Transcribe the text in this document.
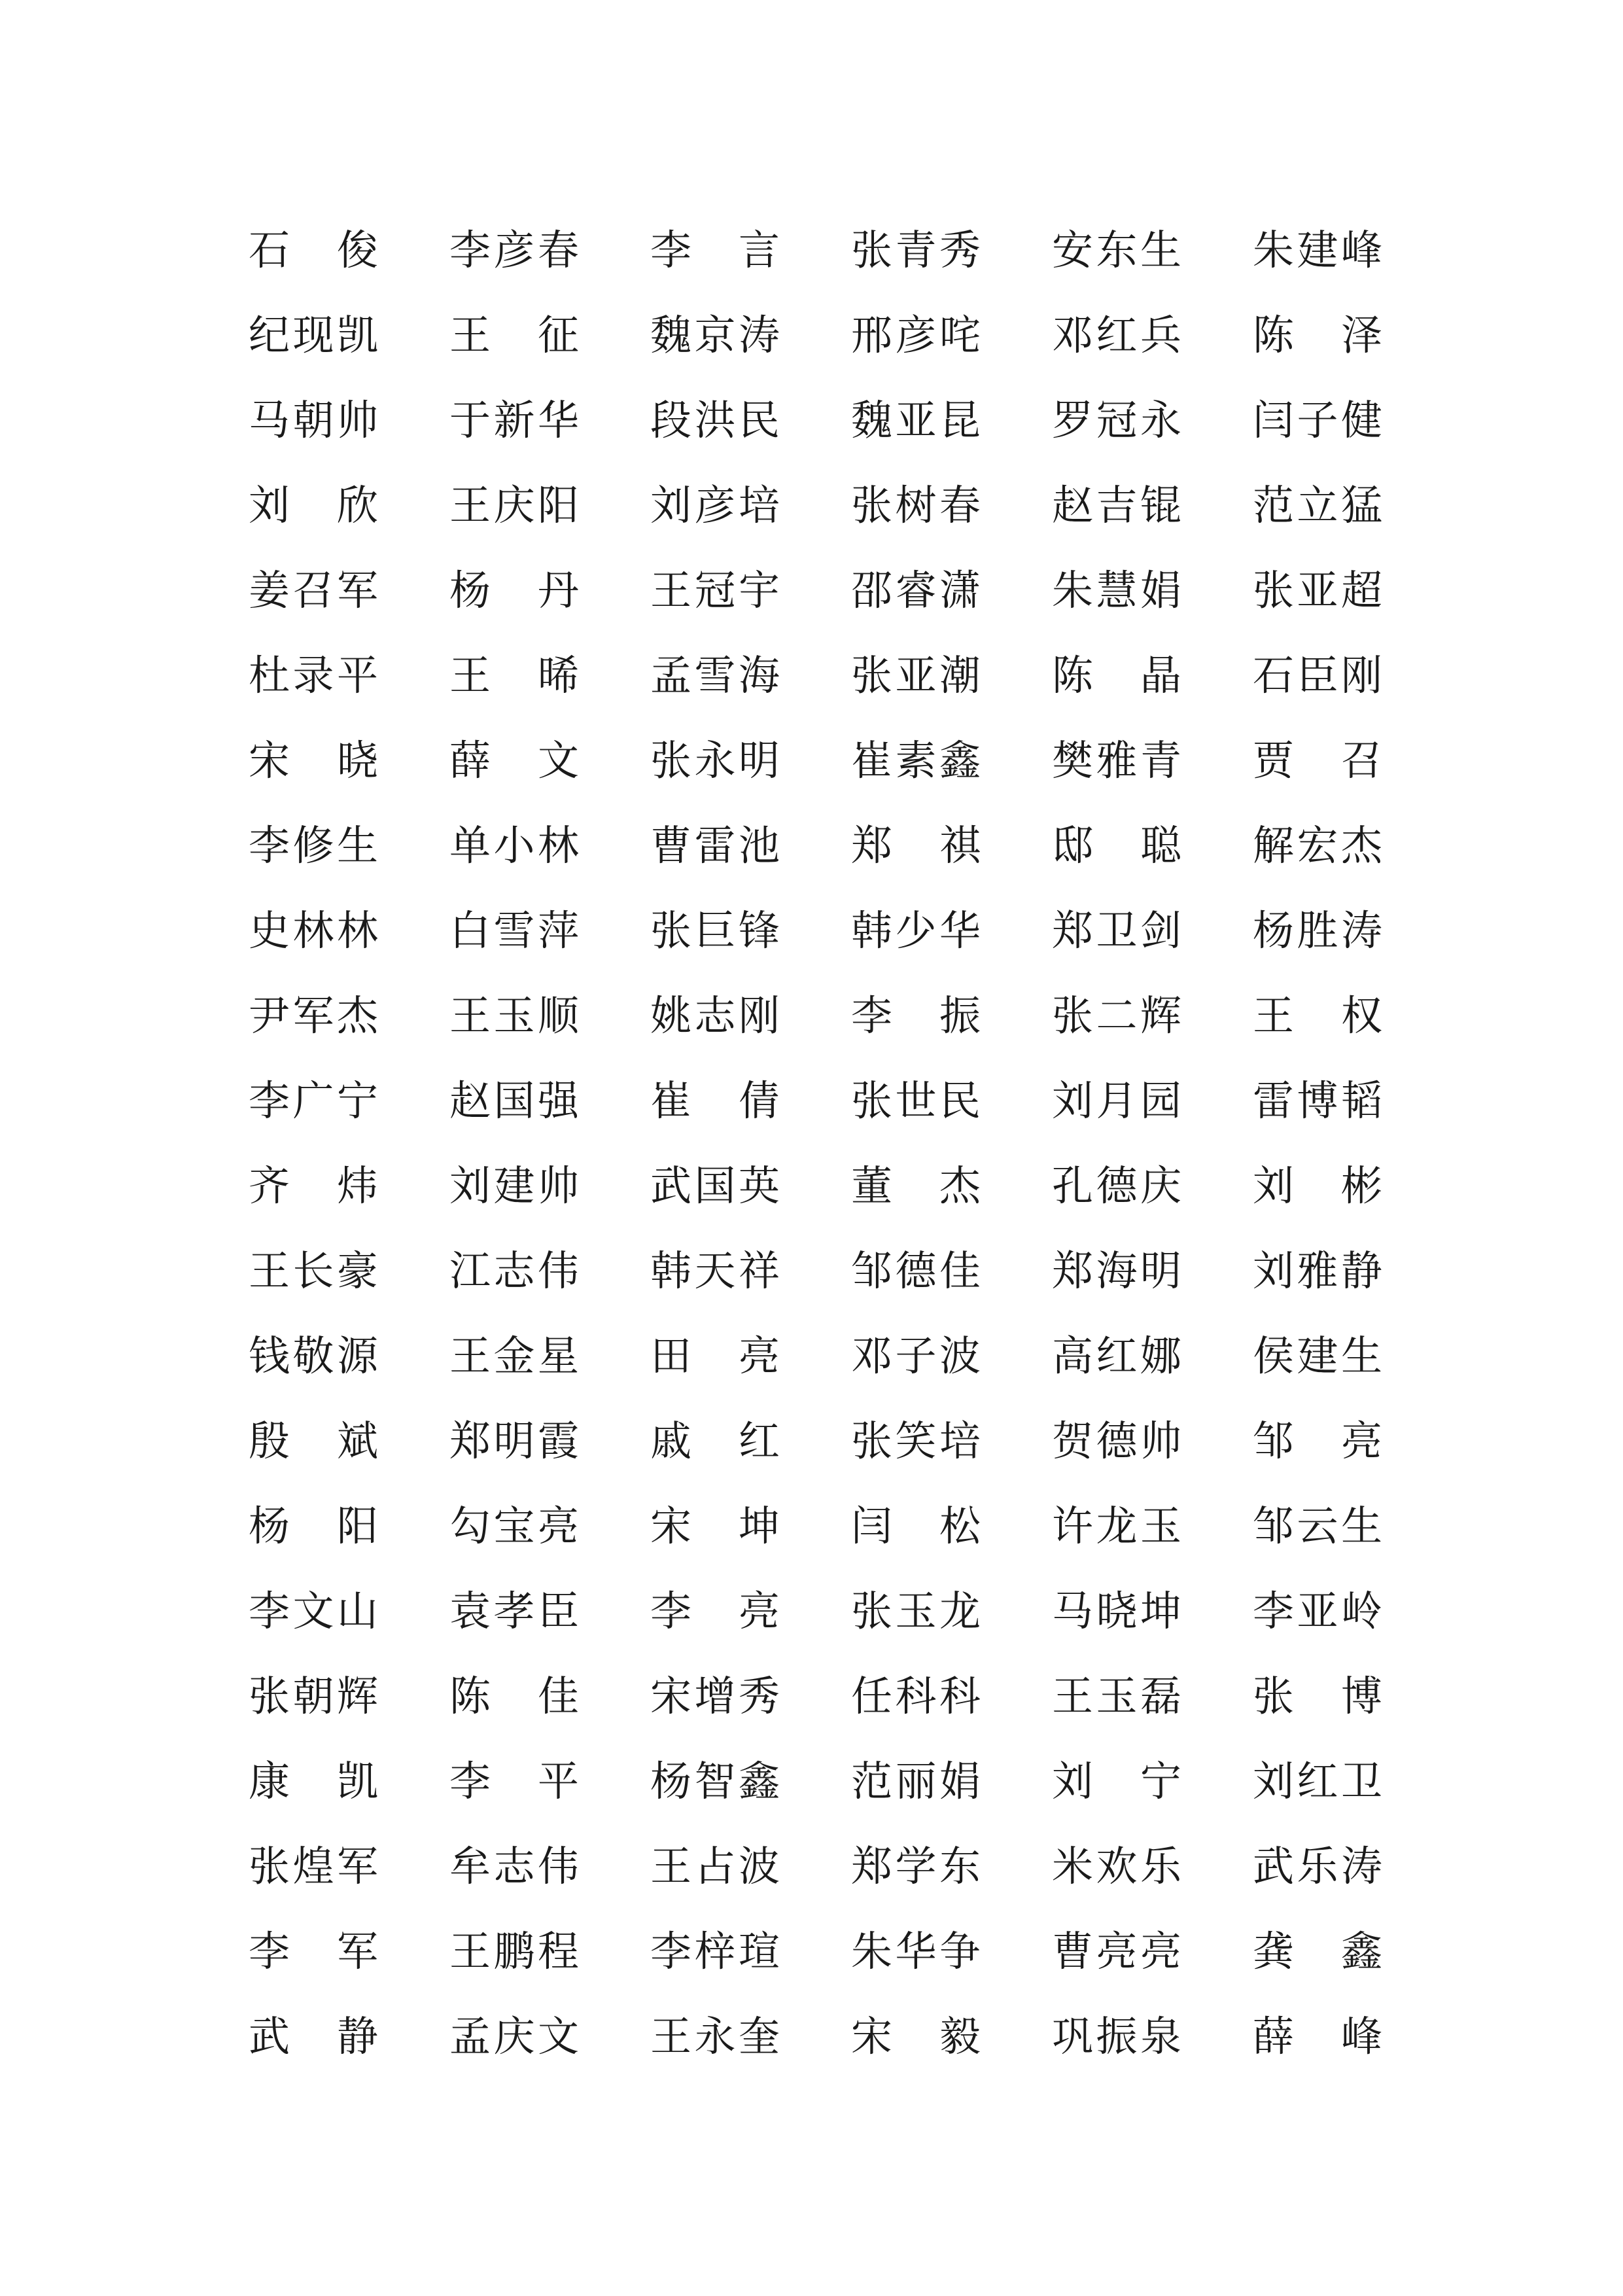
石 俊 李 彦 春 李 言 张 青 秀 安 东 生 朱 建 峰
纪 现 凯 王 征 魏 京 涛 邢 彦 咤 邓 红 兵 陈 泽
马 朝 帅 于 新 华 段 洪 民 魏 亚 昆 罗 冠 永 闫 子 健
刘 欣 王 庆 阳 刘 彦 培 张 树 春 赵 吉 锟 范 立 猛
姜 召 军 杨 丹 王 冠 宇 邵 睿 潇 朱 慧 娟 张 亚 超
杜 录 平 王 晞 孟 雪 海 张 亚 潮 陈 晶 石 臣 刚
宋 晓 薛 文 张 永 明 崔 素 鑫 樊 雅 青 贾 召
李 修 生 单 小 林 曹 雷 池 郑 祺 邸 聪 解 宏 杰
史 林 林 白 雪 萍 张 巨 锋 韩 少 华 郑 卫 剑 杨 胜 涛
尹 军 杰 王 玉 顺 姚 志 刚 李 振 张 二 辉 王 权
李 广 宁 赵 国 强 崔 倩 张 世 民 刘 月 园 雷 博 韬
齐 炜 刘 建 帅 武 国 英 董 杰 孔 德 庆 刘 彬
王 长 豪 江 志 伟 韩 天 祥 邹 德 佳 郑 海 明 刘 雅 静
钱 敬 源 王 金 星 田 亮 邓 子 波 高 红 娜 侯 建 生
殷 斌 郑 明 霞 戚 红 张 笑 培 贺 德 帅 邹 亮
杨 阳 勾 宝 亮 宋 坤 闫 松 许 龙 玉 邹 云 生
李 文 山 袁 孝 臣 李 亮 张 玉 龙 马 晓 坤 李 亚 岭
张 朝 辉 陈 佳 宋 增 秀 任 科 科 王 玉 磊 张 博
康 凯 李 平 杨 智 鑫 范 丽 娟 刘 宁 刘 红 卫
张 煌 军 牟 志 伟 王 占 波 郑 学 东 米 欢 乐 武 乐 涛
李 军 王 鹏 程 李 梓 瑄 朱 华 争 曹 亮 亮 龚 鑫
武 静 孟 庆 文 王 永 奎 宋 毅 巩 振 泉 薛 峰
